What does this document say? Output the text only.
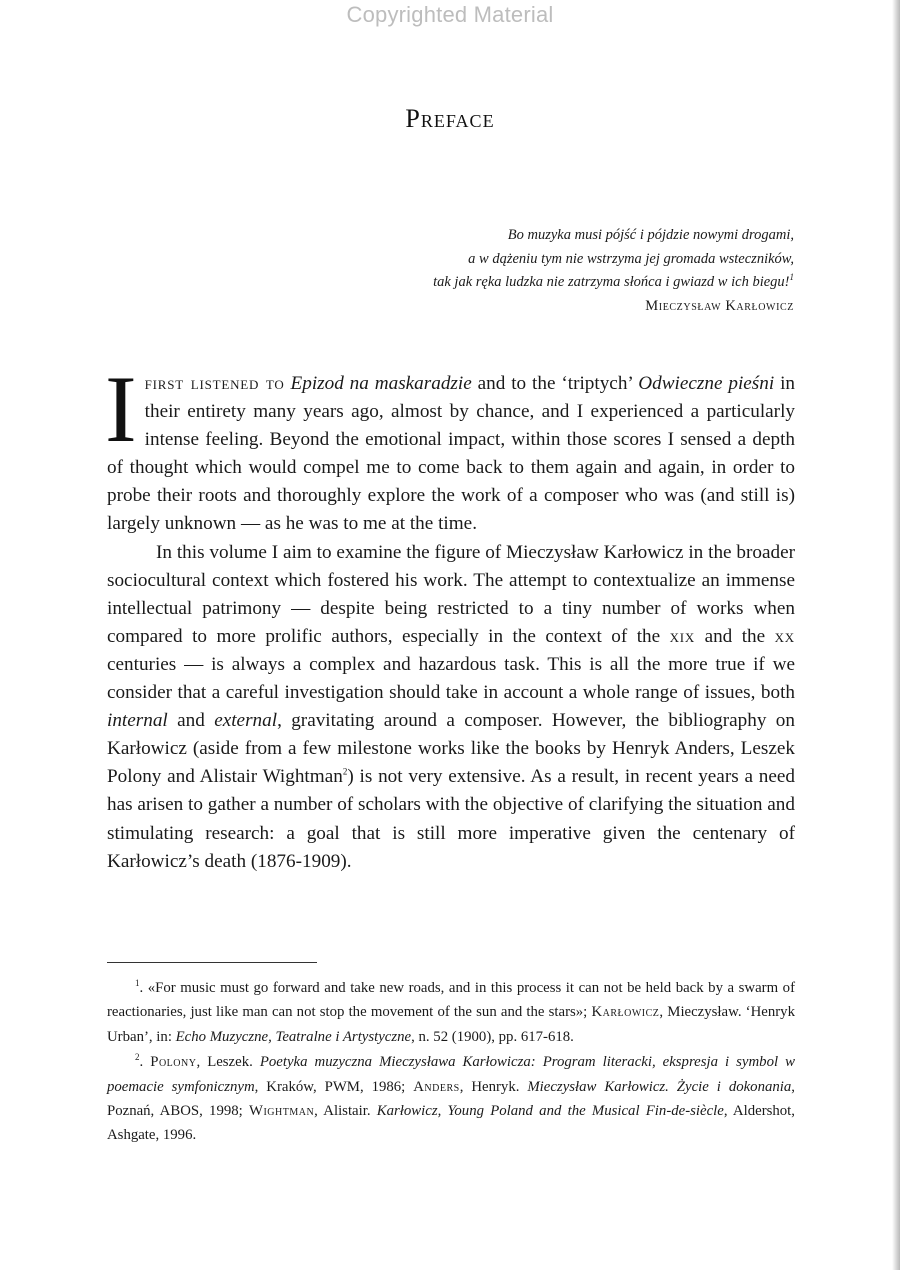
Copyrighted Material
Preface
Bo muzyka musi pójść i pójdzie nowymi drogami,
a w dążeniu tym nie wstrzyma jej gromada wsteczników,
tak jak ręka ludzka nie zatrzyma słońca i gwiazd w ich biegu!$^1$
Mieczysław Karłowicz

Ifirst listened to Epizod na maskaradzie and to the ‘triptych’ Odwieczne pieśni in their entirety many years ago, almost by chance, and I experienced a particularly intense feeling. Beyond the emotional impact, within those scores I sensed a depth of thought which would compel me to come back to them again and again, in order to probe their roots and thoroughly explore the work of a composer who was (and still is) largely unknown — as he was to me at the time.

In this volume I aim to examine the figure of Mieczysław Karłowicz in the broader sociocultural context which fostered his work. The attempt to contextualize an immense intellectual patrimony — despite being restricted to a tiny number of works when compared to more prolific authors, especially in the context of the xix and the xx centuries — is always a complex and hazardous task. This is all the more true if we consider that a careful investigation should take in account a whole range of issues, both internal and external, gravitating around a composer. However, the bibliography on Karłowicz (aside from a few milestone works like the books by Henryk Anders, Leszek Polony and Alistair Wightman$^2$) is not very extensive. As a result, in recent years a need has arisen to gather a number of scholars with the objective of clarifying the situation and stimulating research: a goal that is still more imperative given the centenary of Karłowicz’s death (1876-1909).

$^1$. «For music must go forward and take new roads, and in this process it can not be held back by a swarm of reactionaries, just like man can not stop the movement of the sun and the stars»; Karłowicz, Mieczysław. ‘Henryk Urban’, in: Echo Muzyczne, Teatralne i Artystyczne, n. 52 (1900), pp. 617-618.

$^2$. Polony, Leszek. Poetyka muzyczna Mieczysława Karłowicza: Program literacki, ekspresja i symbol w poemacie symfonicznym, Kraków, PWM, 1986; Anders, Henryk. Mieczysław Karłowicz. Życie i dokonania, Poznań, ABOS, 1998; Wightman, Alistair. Karłowicz, Young Poland and the Musical Fin-de-siècle, Aldershot, Ashgate, 1996.
